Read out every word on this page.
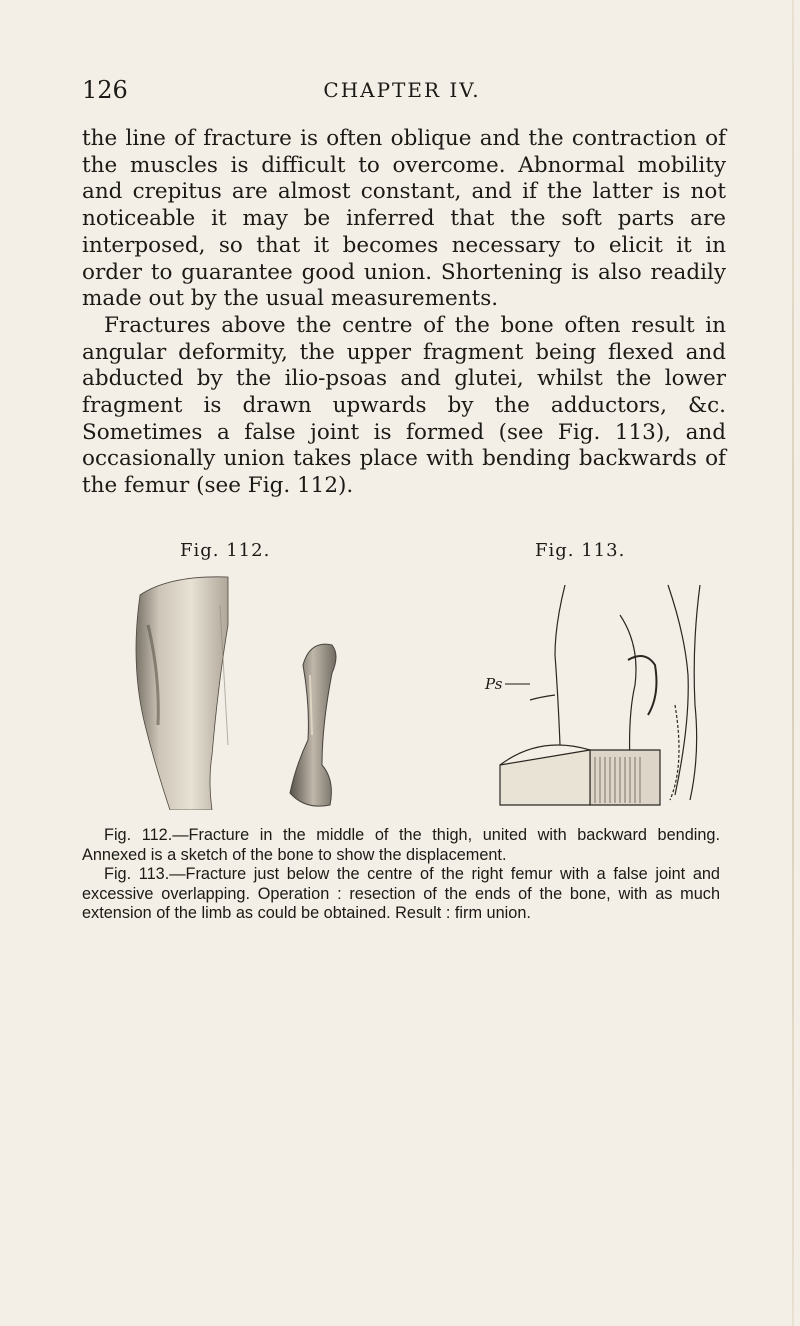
126	CHAPTER IV.

the line of fracture is often oblique and the contraction of the muscles is difficult to overcome. Abnormal mobility and crepitus are almost constant, and if the latter is not noticeable it may be inferred that the soft parts are interposed, so that it becomes necessary to elicit it in order to guarantee good union. Shortening is also readily made out by the usual measurements.

Fractures above the centre of the bone often result in angular deformity, the upper fragment being flexed and abducted by the ilio-psoas and glutei, whilst the lower fragment is drawn upwards by the adductors, &c. Sometimes a false joint is formed (see Fig. 113), and occasionally union takes place with bending backwards of the femur (see Fig. 112).

Fig. 112.	Fig. 113.
Ps

Fig. 112.—Fracture in the middle of the thigh, united with backward bending. Annexed is a sketch of the bone to show the displacement.

Fig. 113.—Fracture just below the centre of the right femur with a false joint and excessive overlapping. Operation : resection of the ends of the bone, with as much extension of the limb as could be obtained. Result : firm union.
